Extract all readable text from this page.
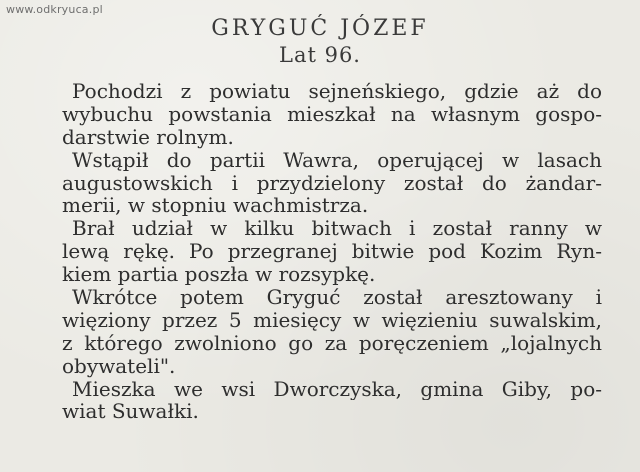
www.odkryuca.pl
GRYGUĆ JÓZEF
Lat 96.
Pochodzi z powiatu sejneńskiego, gdzie aż do
wybuchu powstania mieszkał na własnym gospo-
darstwie rolnym.
Wstąpił do partii Wawra, operującej w lasach
augustowskich i przydzielony został do żandar-
merii, w stopniu wachmistrza.
Brał udział w kilku bitwach i został ranny w
lewą rękę. Po przegranej bitwie pod Kozim Ryn-
kiem partia poszła w rozsypkę.
Wkrótce potem Gryguć został aresztowany i
więziony przez 5 miesięcy w więzieniu suwalskim,
z którego zwolniono go za poręczeniem „lojalnych
obywateli".
Mieszka we wsi Dworczyska, gmina Giby, po-
wiat Suwałki.
